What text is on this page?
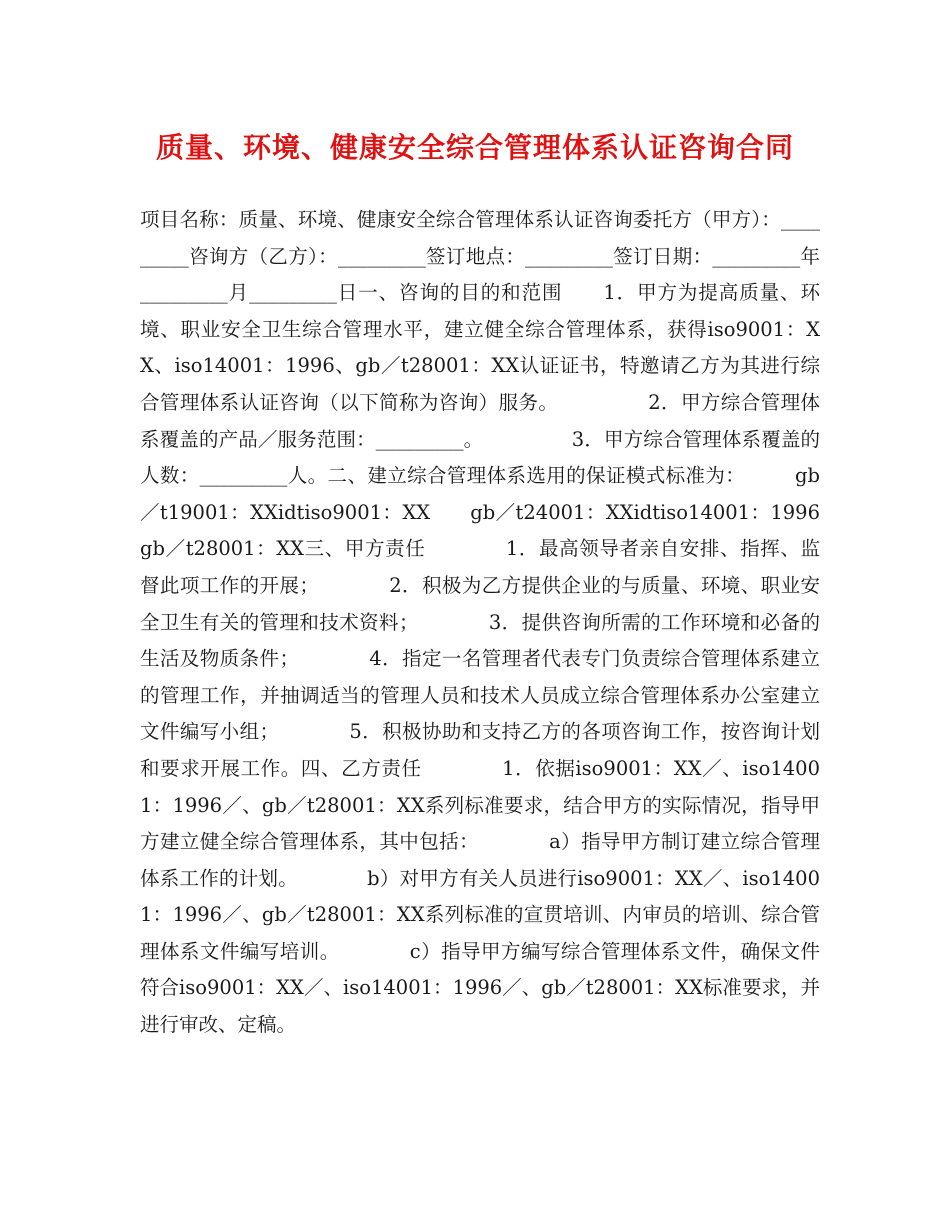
质量、环境、健康安全综合管理体系认证咨询合同

项目名称：质量、环境、健康安全综合管理体系认证咨询委托方（甲方）：_________咨询方（乙方）：_________签订地点：_________签订日期：_________年_________月_________日一、咨询的目的和范围　　1．甲方为提高质量、环境、职业安全卫生综合管理水平，建立健全综合管理体系，获得iso9001：XX、iso14001：1996、gb／t28001：XX认证证书，特邀请乙方为其进行综合管理体系认证咨询（以下简称为咨询）服务。　　　　　2．甲方综合管理体系覆盖的产品／服务范围：_________。　　　　　3．甲方综合管理体系覆盖的人数：_________人。二、建立综合管理体系选用的保证模式标准为：　　　gb／t19001：XXidtiso9001：XX　　gb／t24001：XXidtiso14001：1996　　gb／t28001：XX三、甲方责任　　　　1．最高领导者亲自安排、指挥、监督此项工作的开展；　　　　2．积极为乙方提供企业的与质量、环境、职业安全卫生有关的管理和技术资料；　　　　3．提供咨询所需的工作环境和必备的生活及物质条件；　　　　4．指定一名管理者代表专门负责综合管理体系建立的管理工作，并抽调适当的管理人员和技术人员成立综合管理体系办公室建立文件编写小组；　　　　5．积极协助和支持乙方的各项咨询工作，按咨询计划和要求开展工作。四、乙方责任　　　　1．依据iso9001：XX／、iso14001：1996／、gb／t28001：XX系列标准要求，结合甲方的实际情况，指导甲方建立健全综合管理体系，其中包括：　　　　a）指导甲方制订建立综合管理体系工作的计划。　　　　b）对甲方有关人员进行iso9001：XX／、iso14001：1996／、gb／t28001：XX系列标准的宣贯培训、内审员的培训、综合管理体系文件编写培训。　　　　c）指导甲方编写综合管理体系文件，确保文件符合iso9001：XX／、iso14001：1996／、gb／t28001：XX标准要求，并进行审改、定稿。
